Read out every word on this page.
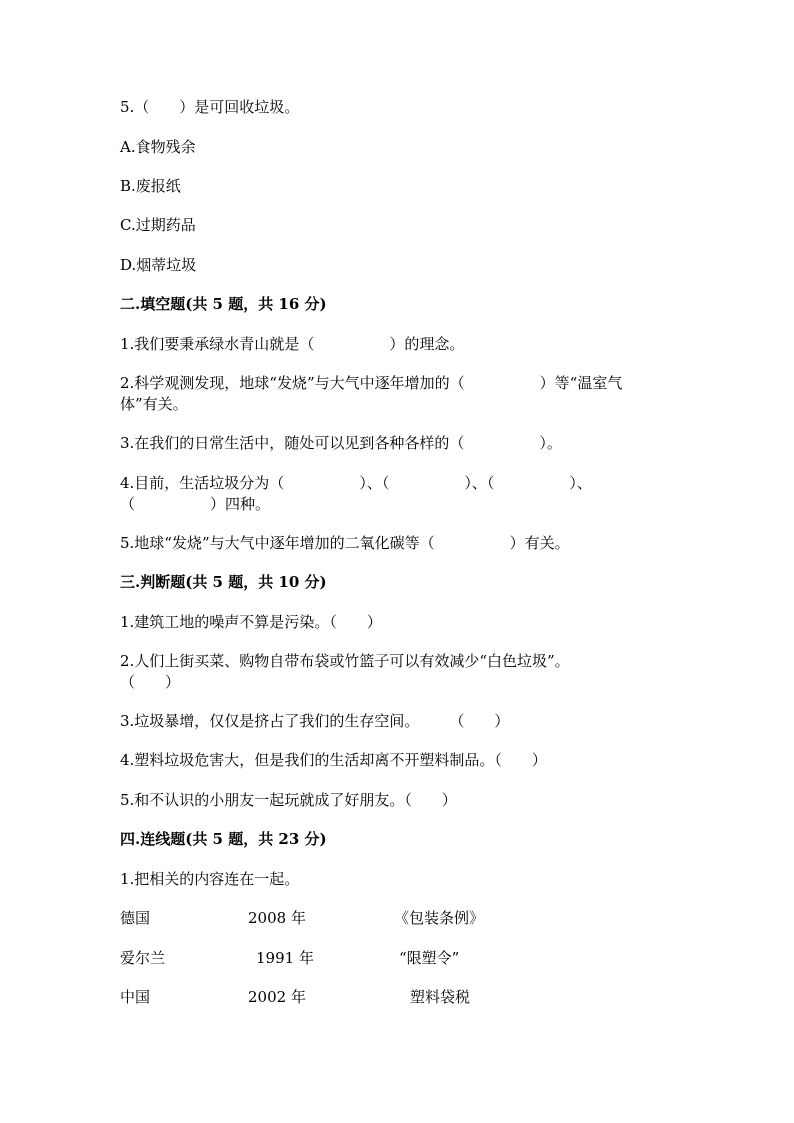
5.（　　）是可回收垃圾。
A.食物残余
B.废报纸
C.过期药品
D.烟蒂垃圾
二.填空题(共 5 题，共 16 分)
1.我们要秉承绿水青山就是（　　　　　）的理念。
2.科学观测发现，地球“发烧”与大气中逐年增加的（　　　　　）等“温室气
体”有关。
3.在我们的日常生活中，随处可以见到各种各样的（　　　　　）。
4.目前，生活垃圾分为（　　　　　）、（　　　　　）、（　　　　　）、
（　　　　　）四种。
5.地球“发烧”与大气中逐年增加的二氧化碳等（　　　　　）有关。
三.判断题(共 5 题，共 10 分)
1.建筑工地的噪声不算是污染。（　　）
2.人们上街买菜、购物自带布袋或竹篮子可以有效减少“白色垃圾”。
（　　）
3.垃圾暴增，仅仅是挤占了我们的生存空间。　　　（　　）
4.塑料垃圾危害大，但是我们的生活却离不开塑料制品。（　　）
5.和不认识的小朋友一起玩就成了好朋友。（　　）
四.连线题(共 5 题，共 23 分)
1.把相关的内容连在一起。
德国	2008 年	《包装条例》
爱尔兰	1991 年	“限塑令”
中国	2002 年	塑料袋税
